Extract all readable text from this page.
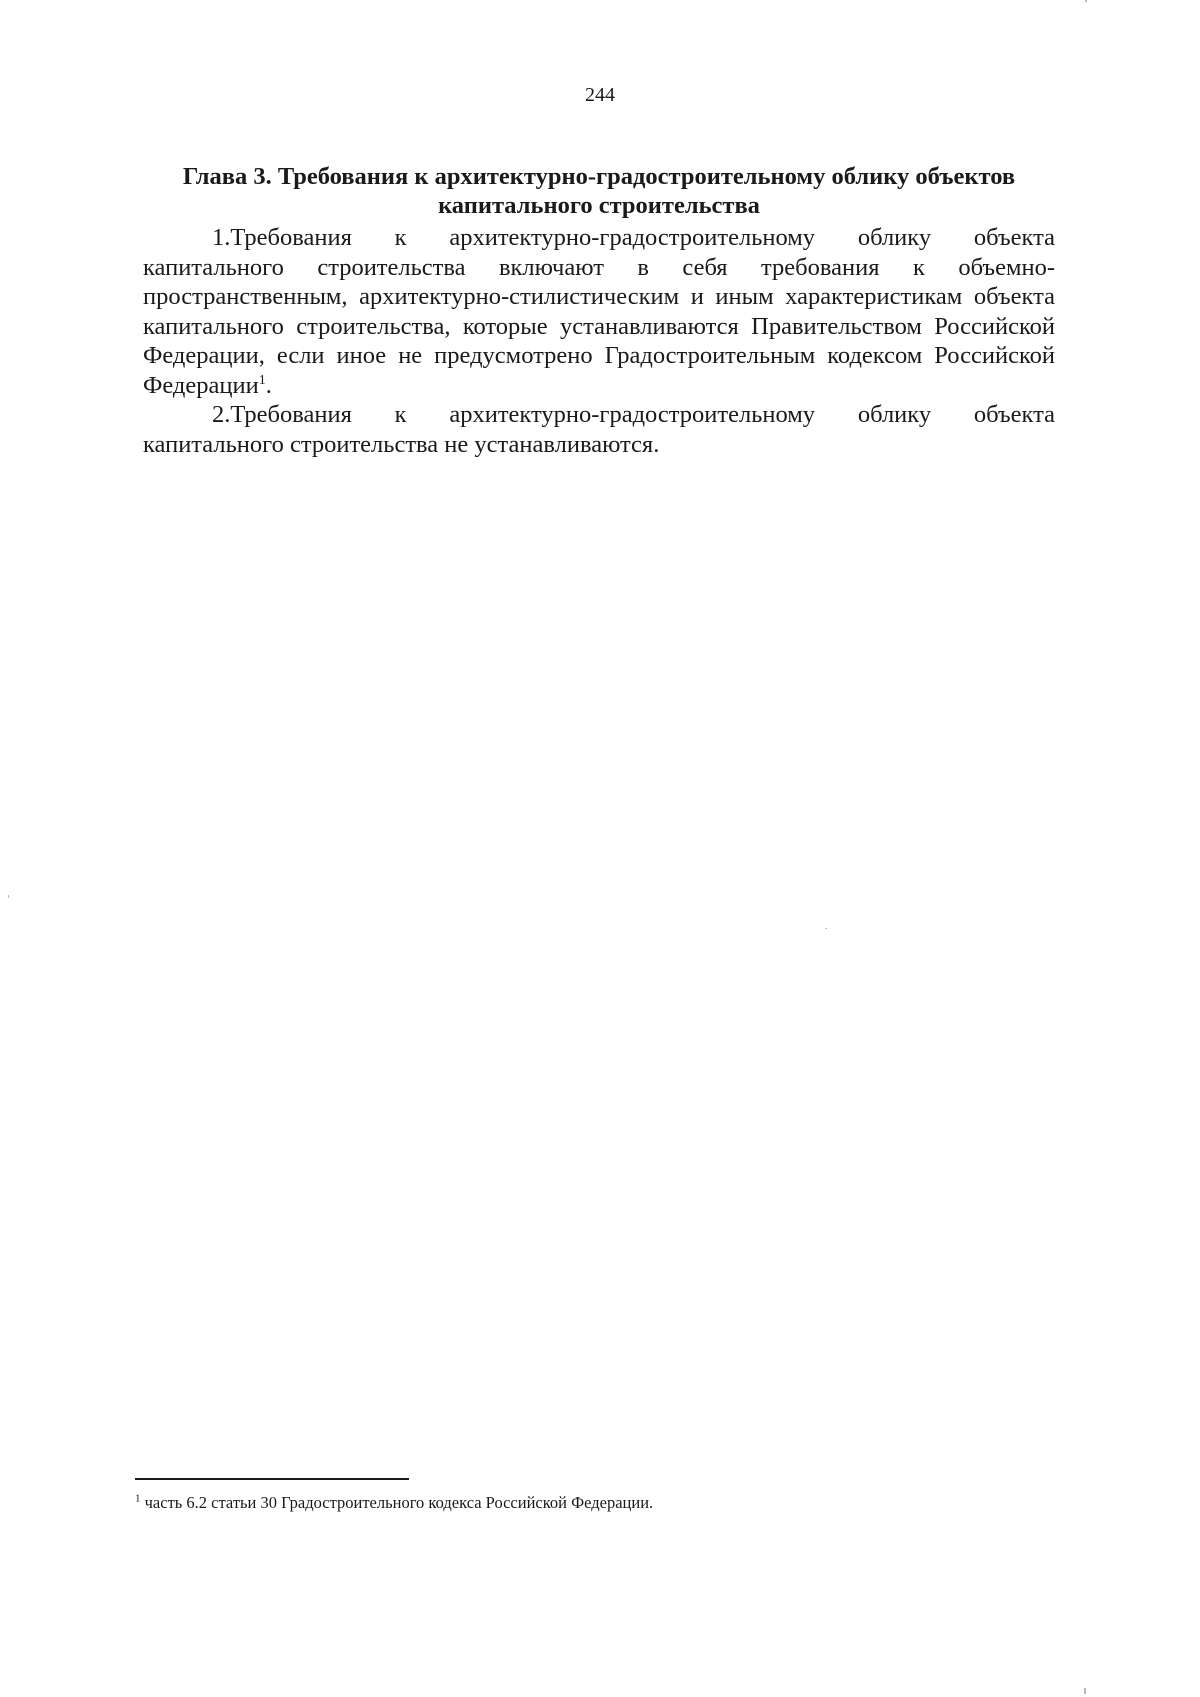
244
Глава 3. Требования к архитектурно-градостроительному облику объектов
капитального строительства

1.Требования к архитектурно-градостроительному облику объекта капитального строительства включают в себя требования к объемно-пространственным, архитектурно-стилистическим и иным характеристикам объекта капитального строительства, которые устанавливаются Правительством Российской Федерации, если иное не предусмотрено Градостроительным кодексом Российской Федерации$^1$.

2.Требования к архитектурно-градостроительному облику объекта капитального строительства не устанавливаются.

$^1$ часть 6.2 статьи 30 Градостроительного кодекса Российской Федерации.
